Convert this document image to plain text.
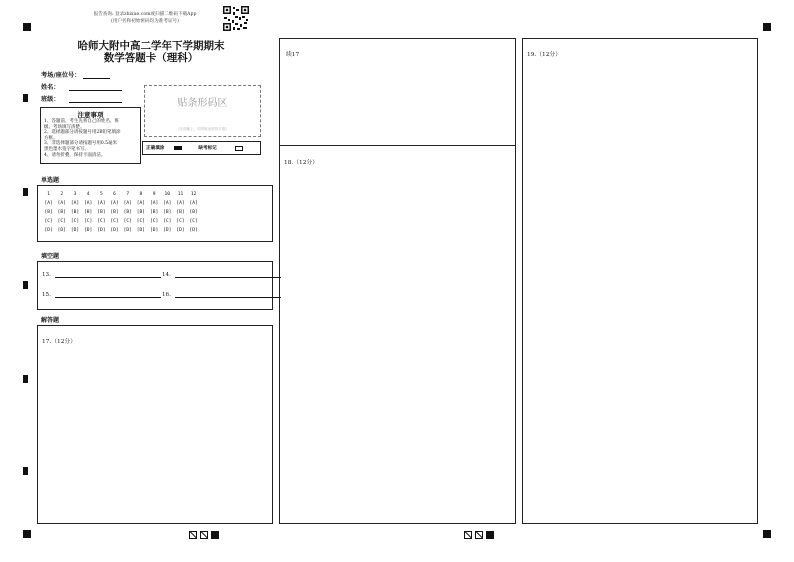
报告查询: 登录zhixue.com或扫描二维码下载App
(用户名和初始密码均为准考证号)
哈师大附中高二学年下学期期末
数学答题卡（理科）
考场/座位号：
姓名：
班级：
注意事项
1、答题前，考生先将自己的姓名、班
级、考场填写清楚。
2、选择题部分请按题号用2B铅笔填涂
方框。
3、非选择题部分请按题号用0.5毫米
黑色墨水签字笔书写。
4、请勿折叠，保持卡面清洁。
贴条形码区
(正面朝上，切勿贴出虚线方框)
正确填涂	缺考标记
单选题
1	2	3	4	5	6	7	8	9	10	11	12
[A]	[A]	[A]	[A]	[A]	[A]	[A]	[A]	[A]	[A]	[A]	[A]
[B]	[B]	[B]	[B]	[B]	[B]	[B]	[B]	[B]	[B]	[B]	[B]
[C]	[C]	[C]	[C]	[C]	[C]	[C]	[C]	[C]	[C]	[C]	[C]
[D]	[D]	[D]	[D]	[D]	[D]	[D]	[D]	[D]	[D]	[D]	[D]
填空题
13.	14.
15.	16.
解答题
17.（12分）
续17
18.（12分）
19.（12分）
